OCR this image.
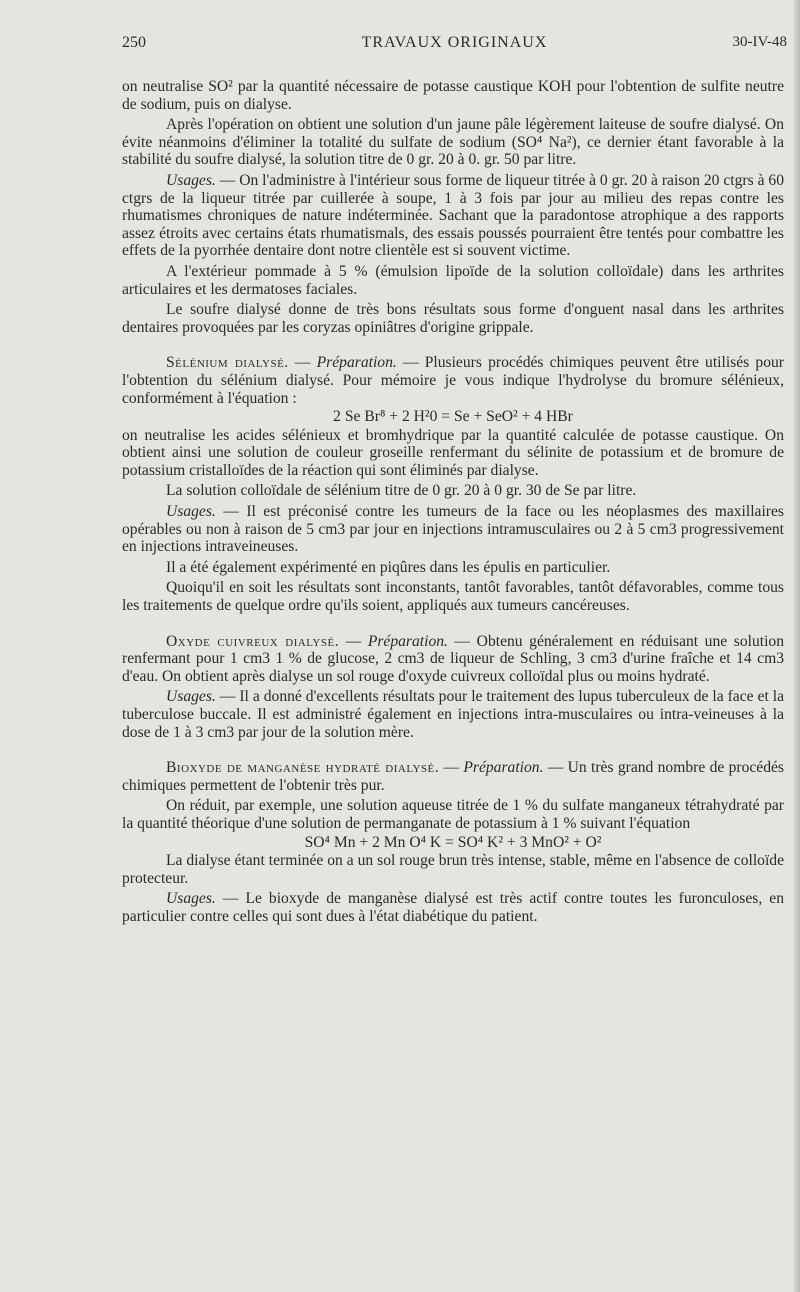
250	TRAVAUX ORIGINAUX	30-IV-48

on neutralise SO² par la quantité nécessaire de potasse caustique KOH pour l'obtention de sulfite neutre de sodium, puis on dialyse.

Après l'opération on obtient une solution d'un jaune pâle légèrement laiteuse de soufre dialysé. On évite néanmoins d'éliminer la totalité du sulfate de sodium (SO⁴ Na²), ce dernier étant favorable à la stabilité du soufre dialysé, la solution titre de 0 gr. 20 à 0. gr. 50 par litre.

Usages. — On l'administre à l'intérieur sous forme de liqueur titrée à 0 gr. 20 à raison 20 ctgrs à 60 ctgrs de la liqueur titrée par cuillerée à soupe, 1 à 3 fois par jour au milieu des repas contre les rhumatismes chroniques de nature indéterminée. Sachant que la paradontose atrophique a des rapports assez étroits avec certains états rhumatismals, des essais poussés pourraient être tentés pour combattre les effets de la pyorrhée dentaire dont notre clientèle est si souvent victime.

A l'extérieur pommade à 5 % (émulsion lipoïde de la solution colloïdale) dans les arthrites articulaires et les dermatoses faciales.

Le soufre dialysé donne de très bons résultats sous forme d'onguent nasal dans les arthrites dentaires provoquées par les coryzas opiniâtres d'origine grippale.

Sélénium dialysé. — Préparation. — Plusieurs procédés chimiques peuvent être utilisés pour l'obtention du sélénium dialysé. Pour mémoire je vous indique l'hydrolyse du bromure sélénieux, conformément à l'équation :

2 Se Br⁸ + 2 H²0 = Se + SeO² + 4 HBr

on neutralise les acides sélénieux et bromhydrique par la quantité calculée de potasse caustique. On obtient ainsi une solution de couleur groseille renfermant du sélinite de potassium et de bromure de potassium cristalloïdes de la réaction qui sont éliminés par dialyse.

La solution colloïdale de sélénium titre de 0 gr. 20 à 0 gr. 30 de Se par litre.

Usages. — Il est préconisé contre les tumeurs de la face ou les néoplasmes des maxillaires opérables ou non à raison de 5 cm3 par jour en injections intramusculaires ou 2 à 5 cm3 progressivement en injections intraveineuses.

Il a été également expérimenté en piqûres dans les épulis en particulier.

Quoiqu'il en soit les résultats sont inconstants, tantôt favorables, tantôt défavorables, comme tous les traitements de quelque ordre qu'ils soient, appliqués aux tumeurs cancéreuses.

Oxyde cuivreux dialysé. — Préparation. — Obtenu généralement en réduisant une solution renfermant pour 1 cm3 1 % de glucose, 2 cm3 de liqueur de Schling, 3 cm3 d'urine fraîche et 14 cm3 d'eau. On obtient après dialyse un sol rouge d'oxyde cuivreux colloïdal plus ou moins hydraté.

Usages. — Il a donné d'excellents résultats pour le traitement des lupus tuberculeux de la face et la tuberculose buccale. Il est administré également en injections intra-musculaires ou intra-veineuses à la dose de 1 à 3 cm3 par jour de la solution mère.

Bioxyde de manganèse hydraté dialysé. — Préparation. — Un très grand nombre de procédés chimiques permettent de l'obtenir très pur.

On réduit, par exemple, une solution aqueuse titrée de 1 % du sulfate manganeux tétrahydraté par la quantité théorique d'une solution de permanganate de potassium à 1 % suivant l'équation

SO⁴ Mn + 2 Mn O⁴ K = SO⁴ K² + 3 MnO² + O²

La dialyse étant terminée on a un sol rouge brun très intense, stable, même en l'absence de colloïde protecteur.

Usages. — Le bioxyde de manganèse dialysé est très actif contre toutes les furonculoses, en particulier contre celles qui sont dues à l'état diabétique du patient.
